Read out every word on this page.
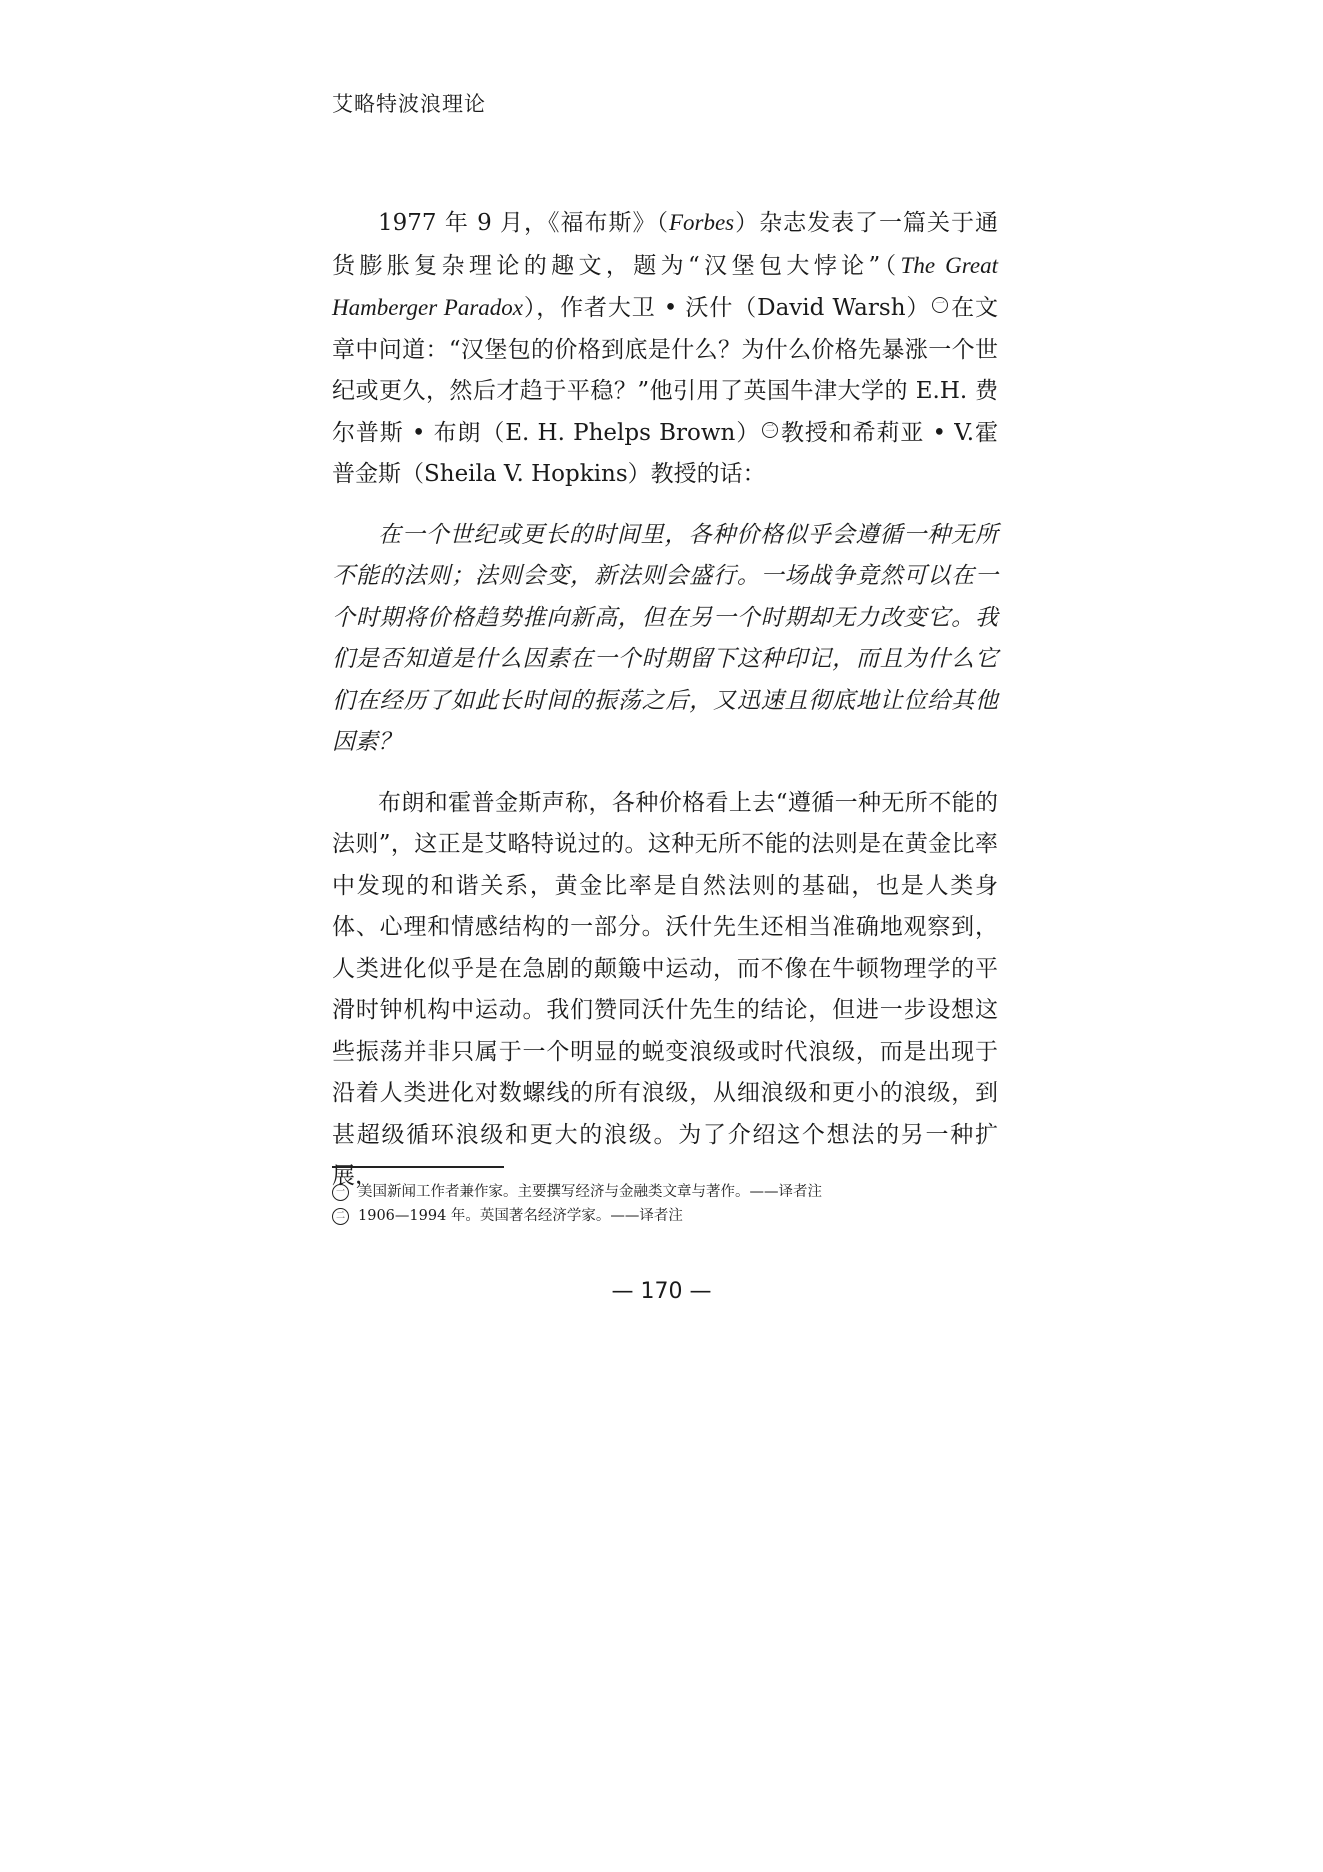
艾略特波浪理论

1977 年 9 月，《福布斯》（Forbes）杂志发表了一篇关于通货膨胀复杂理论的趣文，题为“汉堡包大悖论”（The Great Hamberger Paradox），作者大卫 • 沃什（David Warsh） 一 在文章中问道：“汉堡包的价格到底是什么？为什么价格先暴涨一个世纪或更久，然后才趋于平稳？”他引用了英国牛津大学的 E.H. 费尔普斯 • 布朗（E. H. Phelps Brown） 二 教授和希莉亚 • V.霍普金斯（Sheila V. Hopkins）教授的话：

在一个世纪或更长的时间里，各种价格似乎会遵循一种无所不能的法则；法则会变，新法则会盛行。一场战争竟然可以在一个时期将价格趋势推向新高，但在另一个时期却无力改变它。我们是否知道是什么因素在一个时期留下这种印记，而且为什么它们在经历了如此长时间的振荡之后，又迅速且彻底地让位给其他因素？

布朗和霍普金斯声称，各种价格看上去“遵循一种无所不能的法则”，这正是艾略特说过的。这种无所不能的法则是在黄金比率中发现的和谐关系，黄金比率是自然法则的基础，也是人类身体、心理和情感结构的一部分。沃什先生还相当准确地观察到，人类进化似乎是在急剧的颠簸中运动，而不像在牛顿物理学的平滑时钟机构中运动。我们赞同沃什先生的结论，但进一步设想这些振荡并非只属于一个明显的蜕变浪级或时代浪级，而是出现于沿着人类进化对数螺线的所有浪级，从细浪级和更小的浪级，到甚超级循环浪级和更大的浪级。为了介绍这个想法的另一种扩展，

一 美国新闻工作者兼作家。主要撰写经济与金融类文章与著作。——译者注
二 1906—1994 年。英国著名经济学家。——译者注
— 170 —
